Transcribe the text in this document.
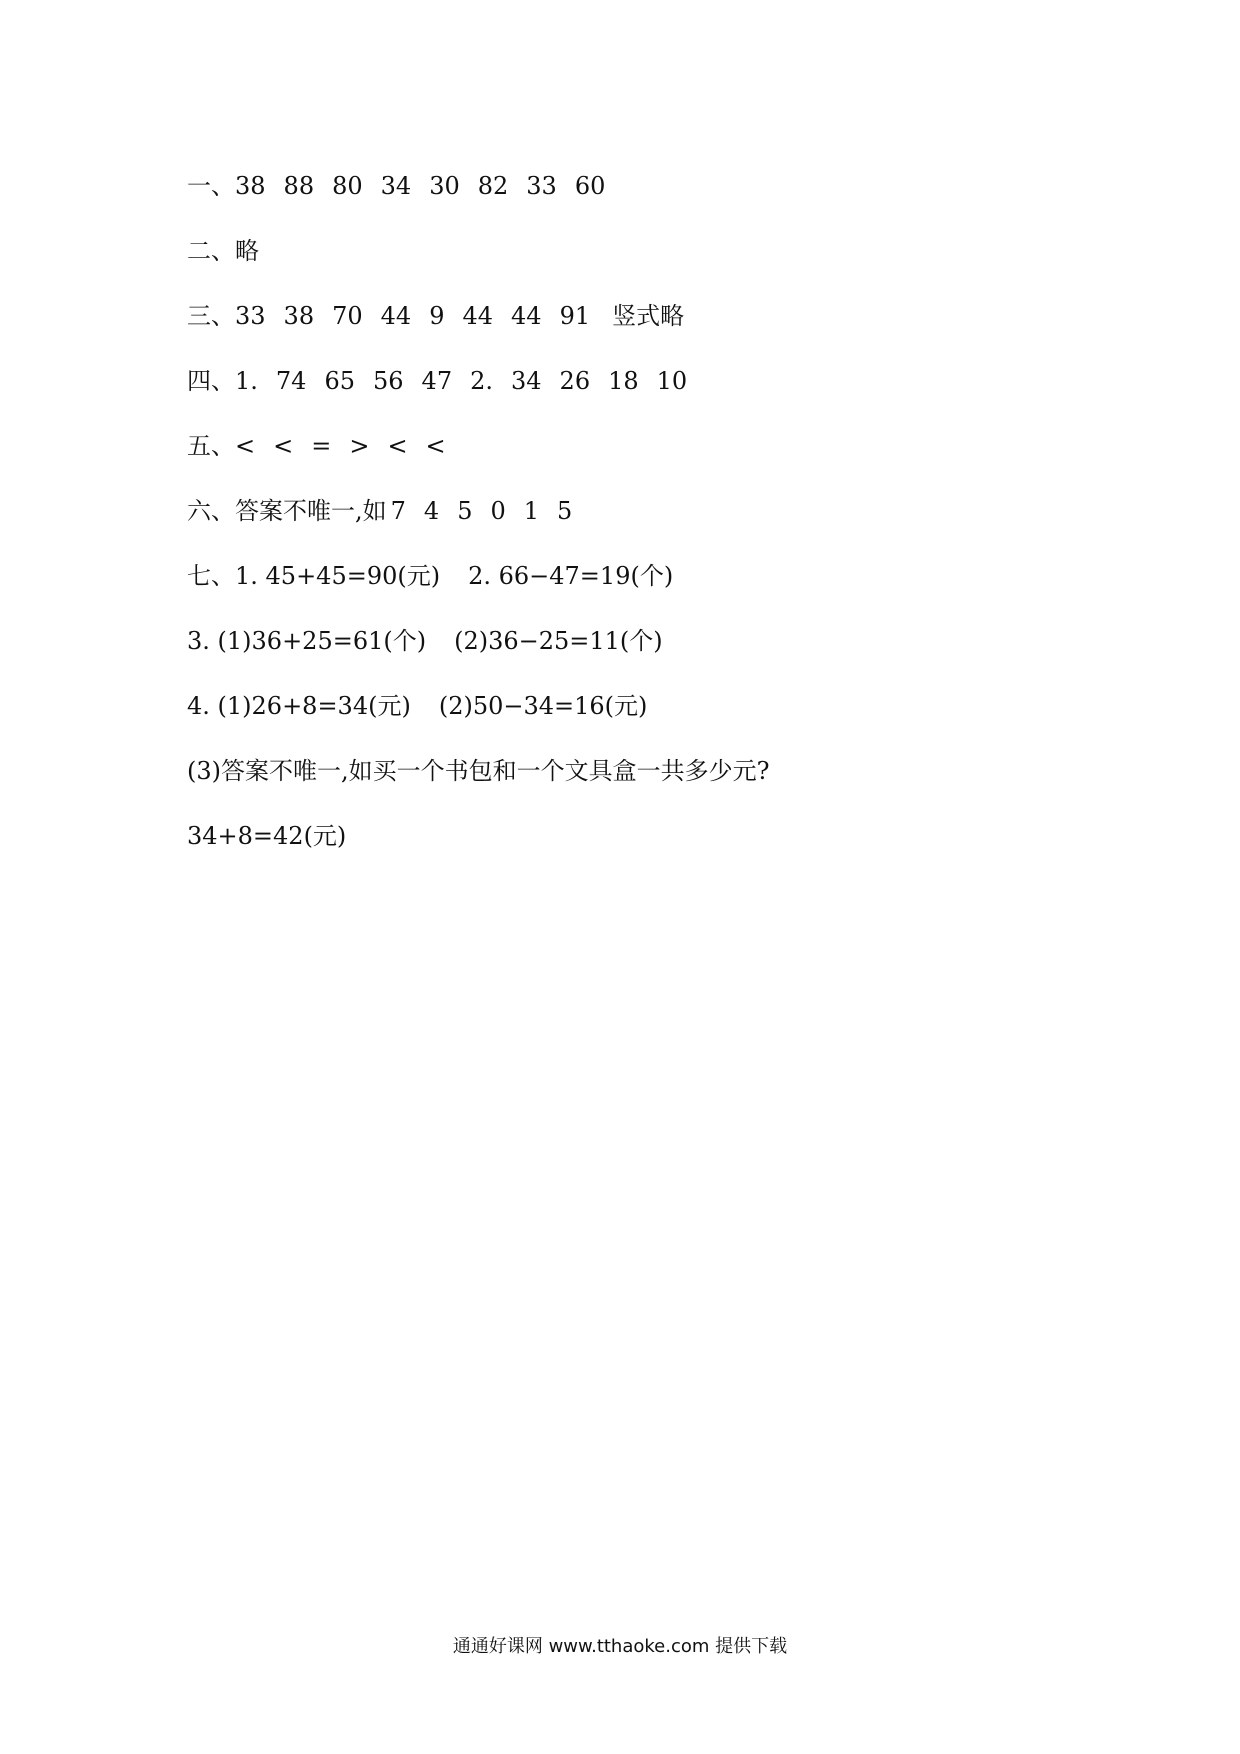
一、38 88 80 34 30 82 33 60
二、略
三、33 38 70 44 9 44 44 91 竖式略
四、1. 74 65 56 47 2. 34 26 18 10
五、< < = > < <
六、答案不唯一,如 7 4 5 0 1 5
七、1. 45+45=90(元) 2. 66−47=19(个)
3. (1)36+25=61(个) (2)36−25=11(个)
4. (1)26+8=34(元) (2)50−34=16(元)
(3)答案不唯一,如买一个书包和一个文具盒一共多少元?
34+8=42(元)
通通好课网 www.tthaoke.com 提供下载
